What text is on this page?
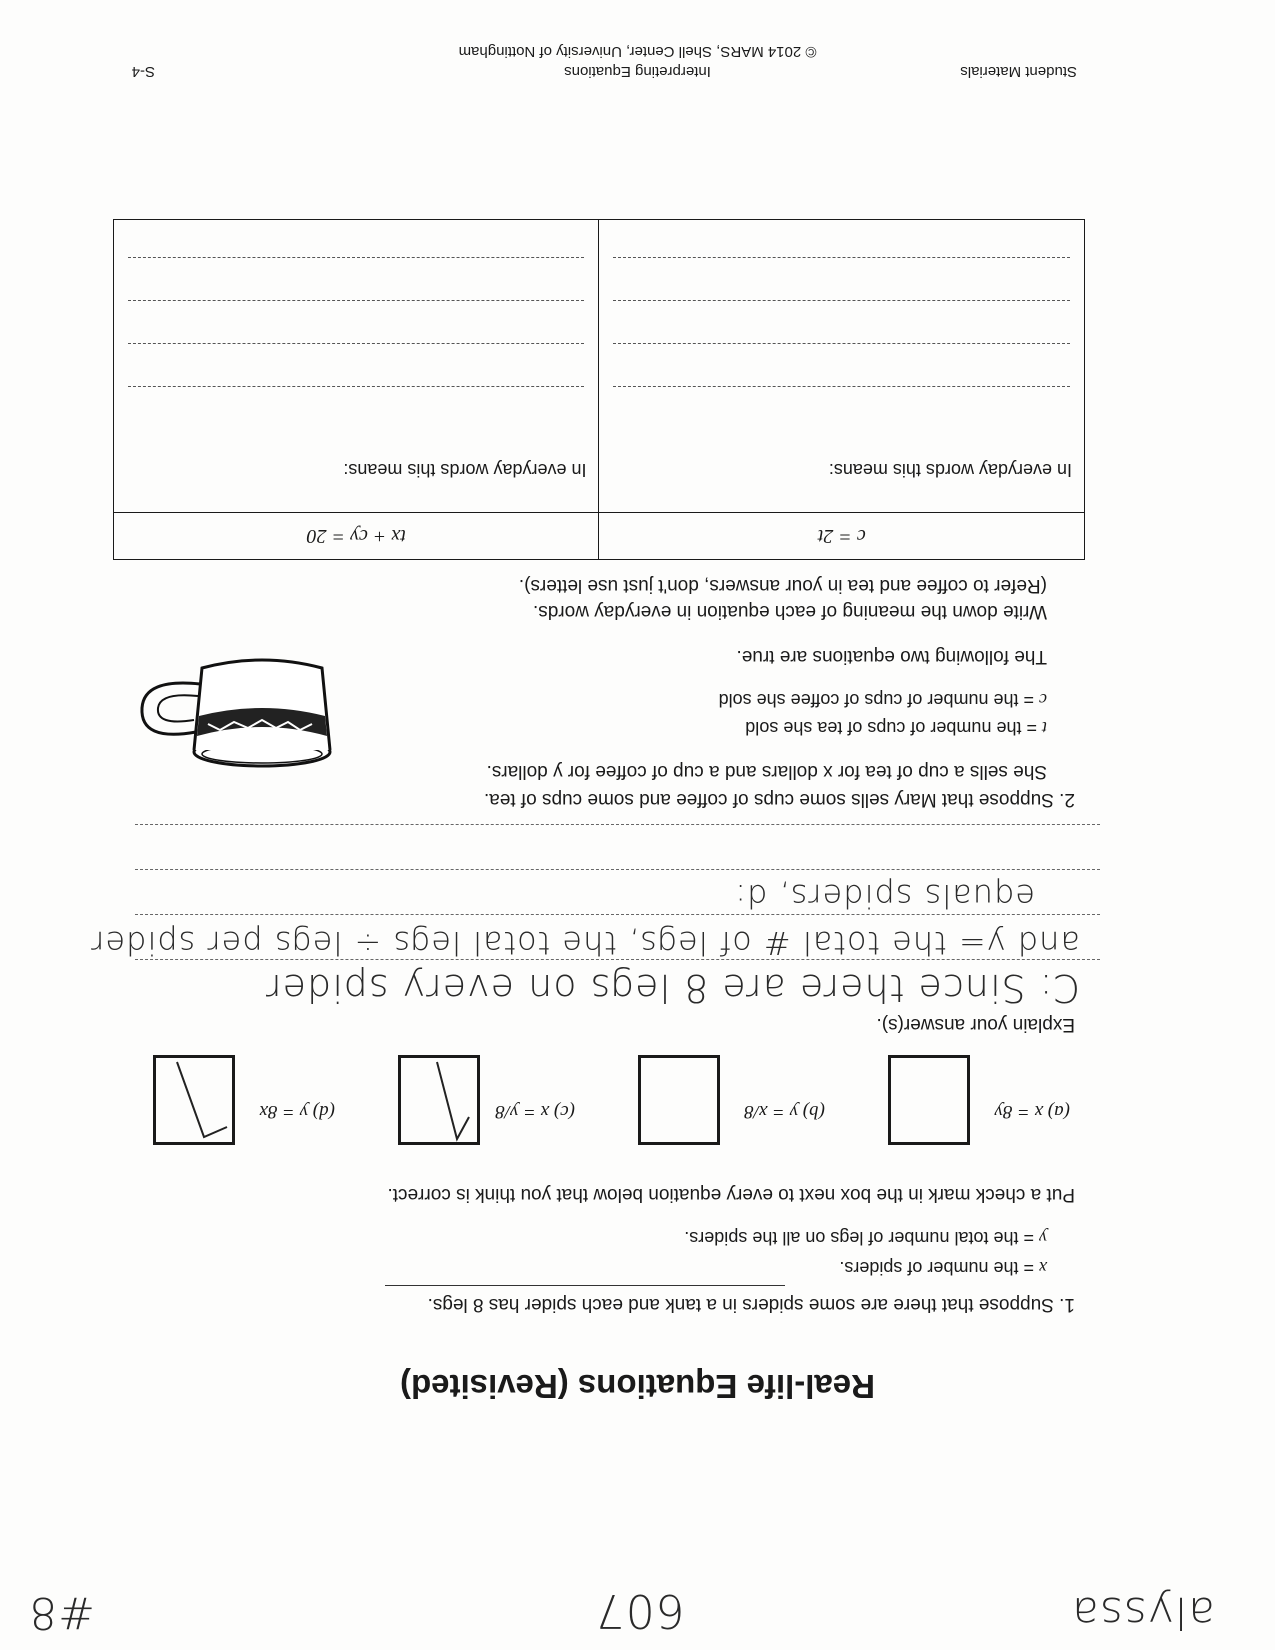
alyssa
607
#8
Real-life Equations (Revisited)
1. Suppose that there are some spiders in a tank and each spider has 8 legs.
x = the number of spiders.
y = the total number of legs on all the spiders.
Put a check mark in the box next to every equation below that you think is correct.
(a) x = 8y
(b) y = x/8
(c) x = y/8
(d) y = 8x
Explain your answer(s).
C: Since there are 8 legs on every spider
and y= the total # of legs, the total legs ÷ legs per spider
equals spiders, d:
2. Suppose that Mary sells some cups of coffee and some cups of tea.
She sells a cup of tea for x dollars and a cup of coffee for y dollars.
t = the number of cups of tea she sold
c = the number of cups of coffee she sold
The following two equations are true.
Write down the meaning of each equation in everyday words.
(Refer to coffee and tea in your answers, don't just use letters).
c = 2t	tx + cy = 20

In everyday words this means:	In everyday words this means:
Student Materials
Interpreting Equations
© 2014 MARS, Shell Center, University of Nottingham
S-4
